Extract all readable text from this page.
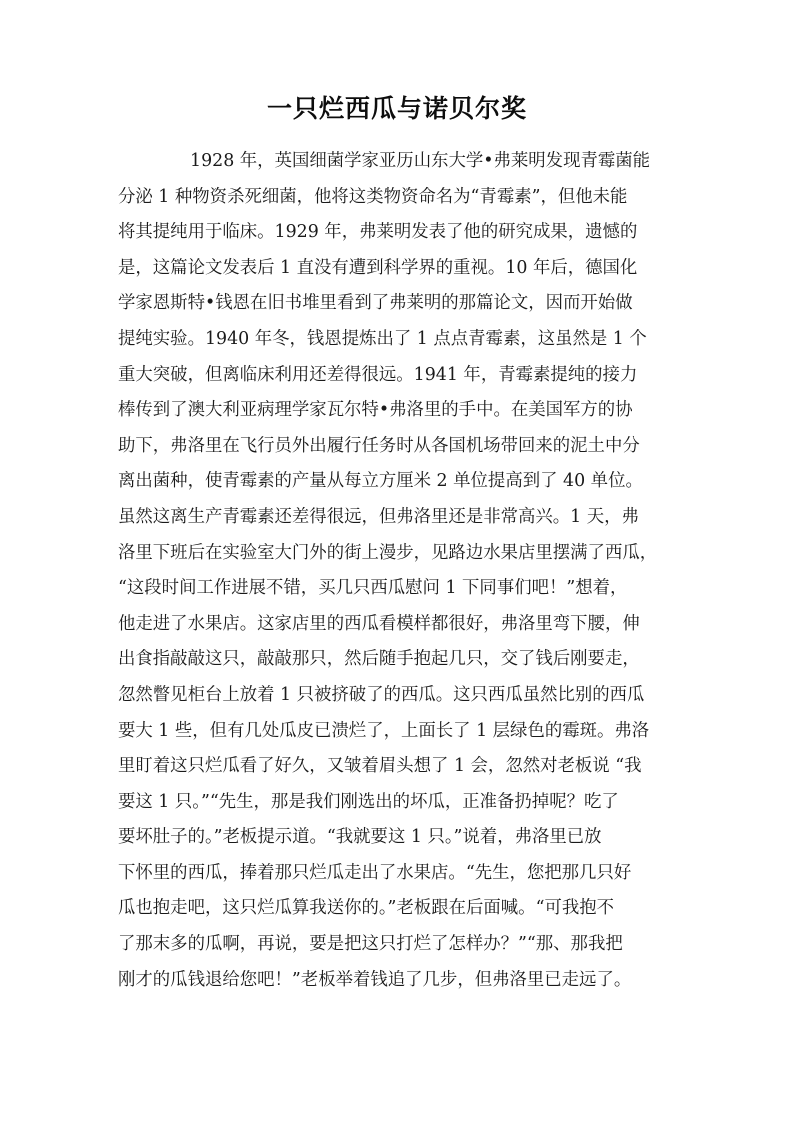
一只烂西瓜与诺贝尔奖
1928 年，英国细菌学家亚历山东大学•弗莱明发现青霉菌能
分泌 1 种物资杀死细菌，他将这类物资命名为“青霉素”，但他未能
将其提纯用于临床。1929 年，弗莱明发表了他的研究成果，遗憾的
是，这篇论文发表后 1 直没有遭到科学界的重视。10 年后，德国化
学家恩斯特•钱恩在旧书堆里看到了弗莱明的那篇论文，因而开始做
提纯实验。1940 年冬，钱恩提炼出了 1 点点青霉素，这虽然是 1 个
重大突破，但离临床利用还差得很远。1941 年，青霉素提纯的接力
棒传到了澳大利亚病理学家瓦尔特•弗洛里的手中。在美国军方的协
助下，弗洛里在飞行员外出履行任务时从各国机场带回来的泥土中分
离出菌种，使青霉素的产量从每立方厘米 2 单位提高到了 40 单位。
虽然这离生产青霉素还差得很远，但弗洛里还是非常高兴。1 天，弗
洛里下班后在实验室大门外的街上漫步，见路边水果店里摆满了西瓜，
“这段时间工作进展不错，买几只西瓜慰问 1 下同事们吧！”想着，
他走进了水果店。这家店里的西瓜看模样都很好，弗洛里弯下腰，伸
出食指敲敲这只，敲敲那只，然后随手抱起几只，交了钱后刚要走，
忽然瞥见柜台上放着 1 只被挤破了的西瓜。这只西瓜虽然比别的西瓜
要大 1 些，但有几处瓜皮已溃烂了，上面长了 1 层绿色的霉斑。弗洛
里盯着这只烂瓜看了好久，又皱着眉头想了 1 会，忽然对老板说 “我
要这 1 只。”“先生，那是我们刚选出的坏瓜，正准备扔掉呢？吃了
要坏肚子的。”老板提示道。“我就要这 1 只。”说着，弗洛里已放
下怀里的西瓜，捧着那只烂瓜走出了水果店。“先生，您把那几只好
瓜也抱走吧，这只烂瓜算我送你的。”老板跟在后面喊。“可我抱不
了那末多的瓜啊，再说，要是把这只打烂了怎样办？”“那、那我把
刚才的瓜钱退给您吧！”老板举着钱追了几步，但弗洛里已走远了。
